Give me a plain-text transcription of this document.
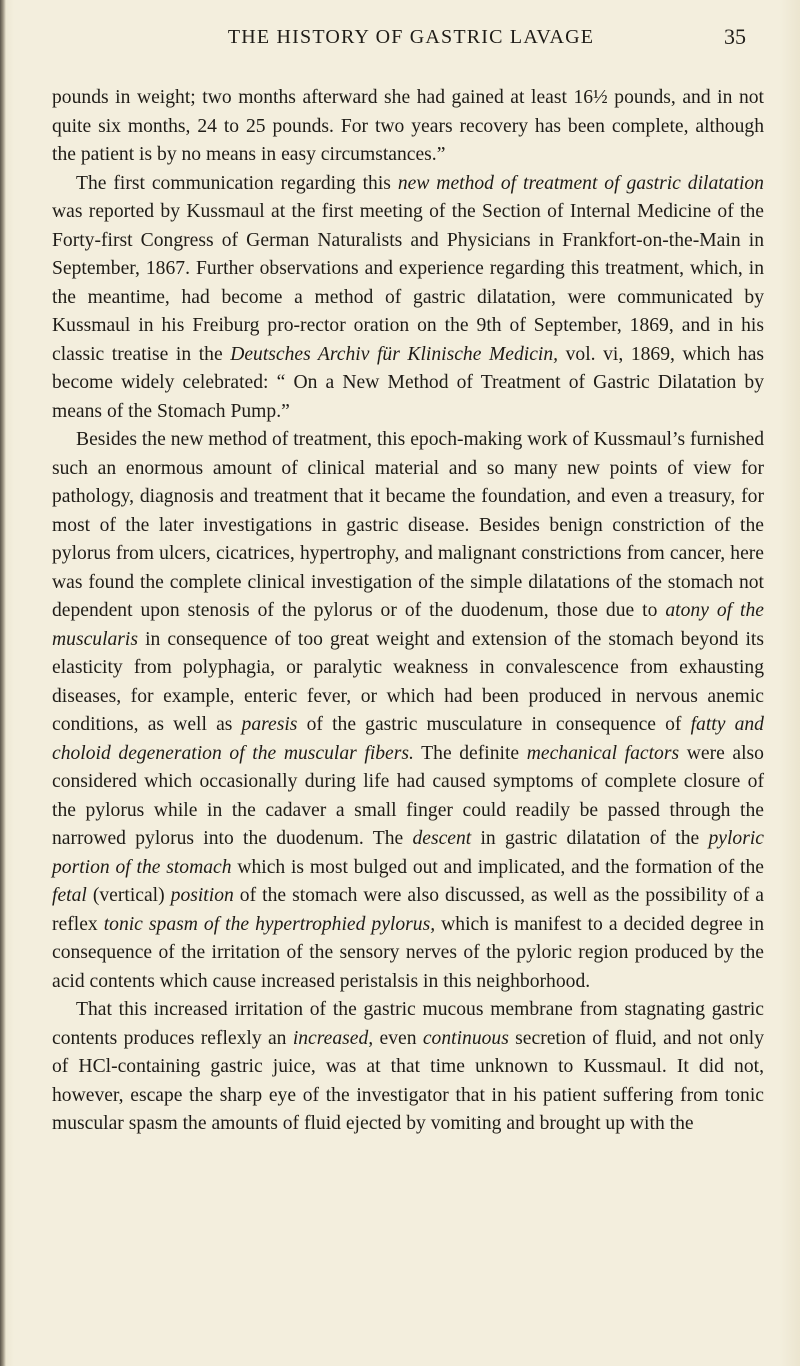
THE HISTORY OF GASTRIC LAVAGE	35

pounds in weight; two months afterward she had gained at least 16½ pounds, and in not quite six months, 24 to 25 pounds. For two years recovery has been complete, although the patient is by no means in easy circumstances.”

The first communication regarding this new method of treatment of gastric dilatation was reported by Kussmaul at the first meeting of the Section of Internal Medicine of the Forty-first Congress of German Naturalists and Physicians in Frankfort-on-the-Main in September, 1867. Further observations and experience regarding this treatment, which, in the meantime, had become a method of gastric dilatation, were communicated by Kussmaul in his Freiburg pro-rector oration on the 9th of September, 1869, and in his classic treatise in the Deutsches Archiv für Klinische Medicin, vol. vi, 1869, which has become widely celebrated: “ On a New Method of Treatment of Gastric Dilatation by means of the Stomach Pump.”

Besides the new method of treatment, this epoch-making work of Kussmaul’s furnished such an enormous amount of clinical material and so many new points of view for pathology, diagnosis and treatment that it became the foundation, and even a treasury, for most of the later investigations in gastric disease. Besides benign constriction of the pylorus from ulcers, cicatrices, hypertrophy, and malignant constrictions from cancer, here was found the complete clinical investigation of the simple dilatations of the stomach not dependent upon stenosis of the pylorus or of the duodenum, those due to atony of the muscularis in consequence of too great weight and extension of the stomach beyond its elasticity from polyphagia, or paralytic weakness in convalescence from exhausting diseases, for example, enteric fever, or which had been produced in nervous anemic conditions, as well as paresis of the gastric musculature in consequence of fatty and choloid degeneration of the muscular fibers. The definite mechanical factors were also considered which occasionally during life had caused symptoms of complete closure of the pylorus while in the cadaver a small finger could readily be passed through the narrowed pylorus into the duodenum. The descent in gastric dilatation of the pyloric portion of the stomach which is most bulged out and implicated, and the formation of the fetal (vertical) position of the stomach were also discussed, as well as the possibility of a reflex tonic spasm of the hypertrophied pylorus, which is manifest to a decided degree in consequence of the irritation of the sensory nerves of the pyloric region produced by the acid contents which cause increased peristalsis in this neighborhood.

That this increased irritation of the gastric mucous membrane from stagnating gastric contents produces reflexly an increased, even continuous secretion of fluid, and not only of HCl-containing gastric juice, was at that time unknown to Kussmaul. It did not, however, escape the sharp eye of the investigator that in his patient suffering from tonic muscular spasm the amounts of fluid ejected by vomiting and brought up with the
